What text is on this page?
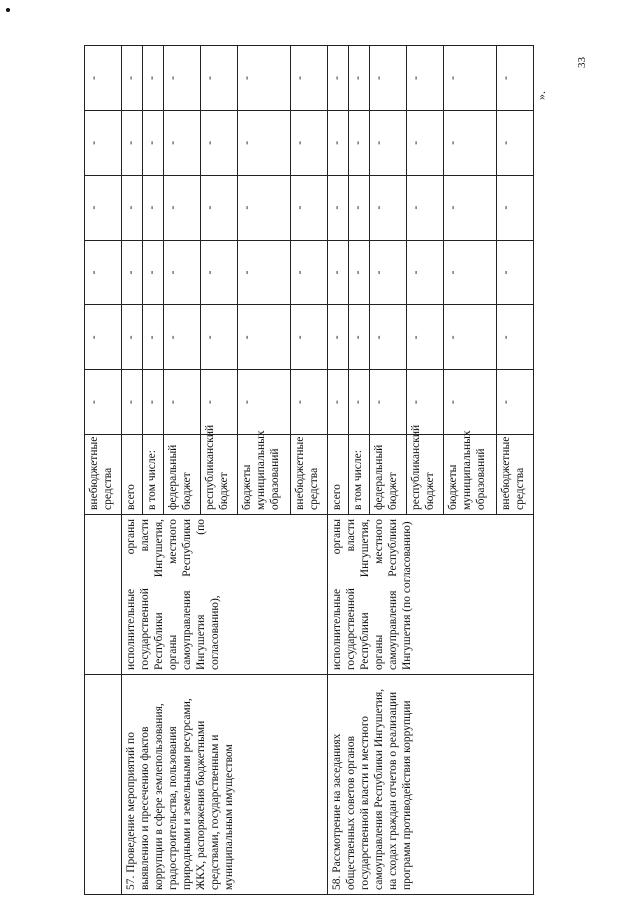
33
».
		внебюджетные средства	-	-	-	-	-	-
57. Проведение мероприятий по выявлению и пресечению фактов коррупции в сфере землепользования, градостроительства, пользования природными и земельными ресурсами, ЖКХ, распоряжения бюджетными средствами, государственным и муниципальным имуществом	исполнительные органы государственной власти Республики Ингушетия, органы местного самоуправления Республики Ингушетия (по согласованию),	всего	-	-	-	-	-	-
		в том числе:	-	-	-	-	-	-
		федеральный бюджет	-	-	-	-	-	-
		республиканский бюджет	-	-	-	-	-	-
		бюджеты муниципальных образований	-	-	-	-	-	-
		внебюджетные средства	-	-	-	-	-	-
58. Рассмотрение на заседаниях общественных советов органов государственной власти и местного самоуправления Республики Ингушетия, на сходах граждан отчетов о реализации программ противодействия коррупции	исполнительные органы государственной власти Республики Ингушетия, органы местного самоуправления Республики Ингушетия (по согласованию)	всего	-	-	-	-	-	-
		в том числе:	-	-	-	-	-	-
		федеральный бюджет	-	-	-	-	-	-
		республиканский бюджет	-	-	-	-	-	-
		бюджеты муниципальных образований	-	-	-	-	-	-
		внебюджетные средства	-	-	-	-	-	-
